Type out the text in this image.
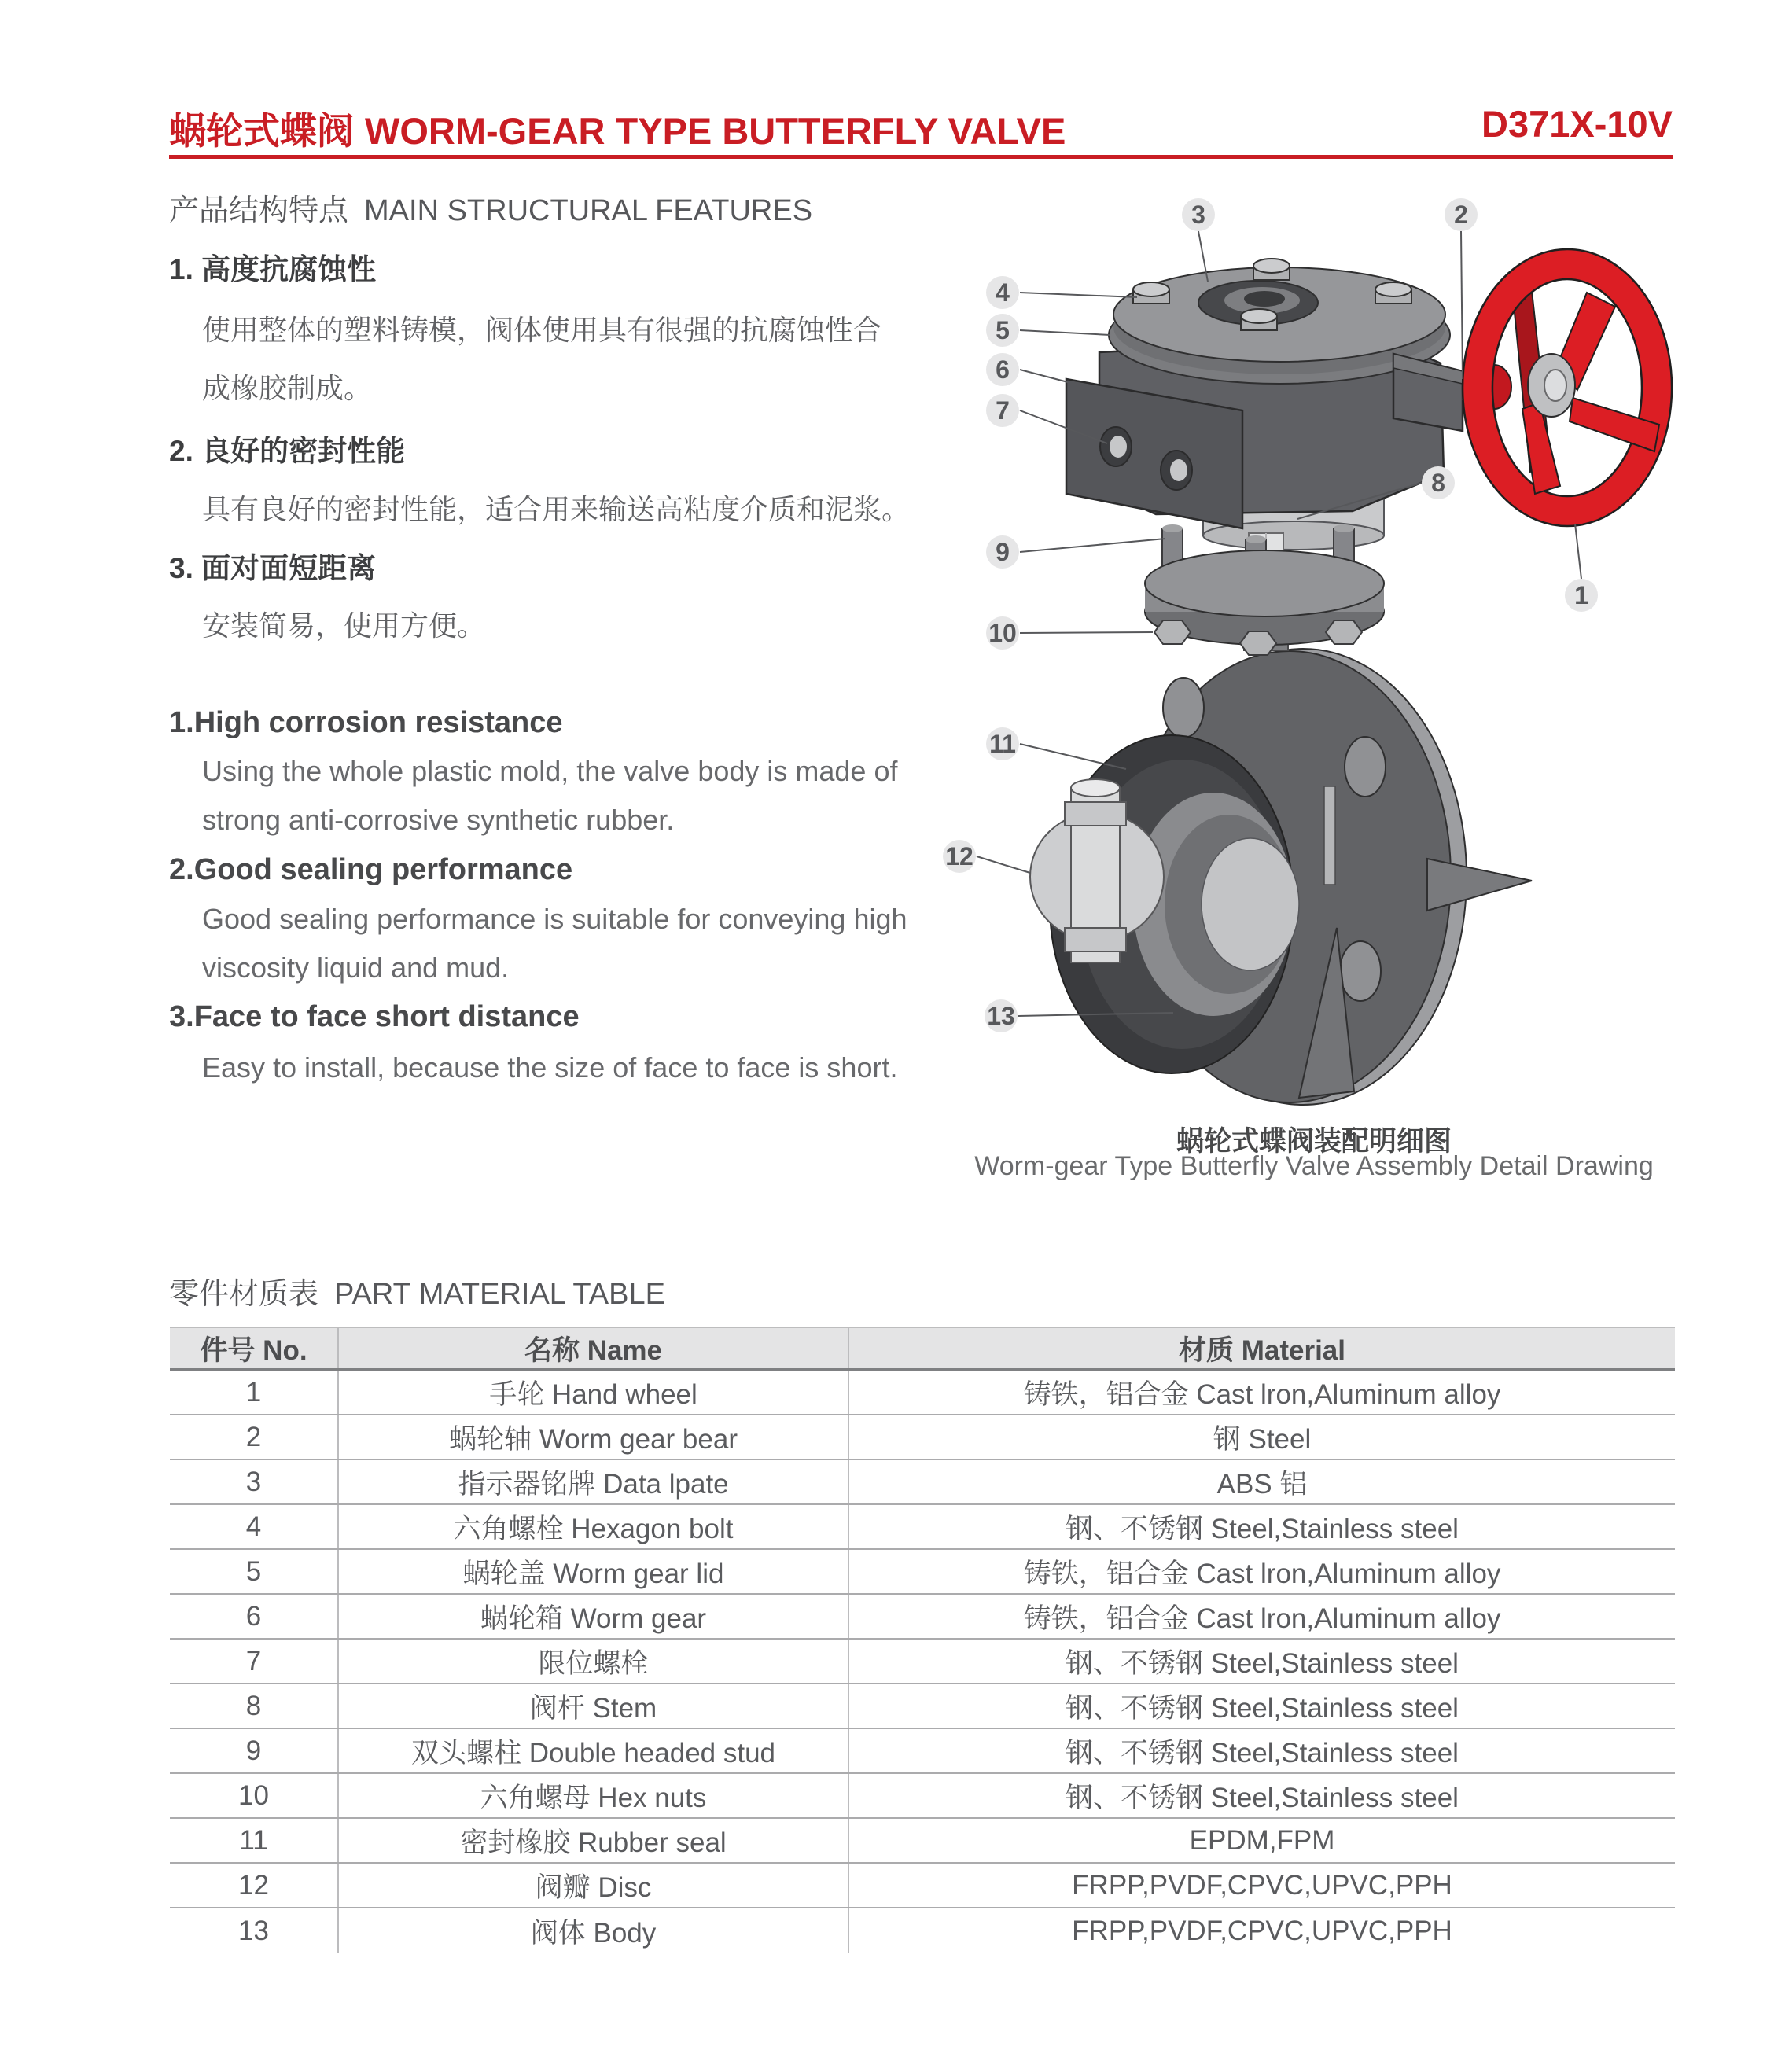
蜗轮式蝶阀 WORM-GEAR TYPE BUTTERFLY VALVE	D371X-10V
产品结构特点 MAIN STRUCTURAL FEATURES
1. 高度抗腐蚀性
使用整体的塑料铸模，阀体使用具有很强的抗腐蚀性合
成橡胶制成。
2. 良好的密封性能
具有良好的密封性能，适合用来输送高粘度介质和泥浆。
3. 面对面短距离
安装简易，使用方便。
1.High corrosion resistance
Using the whole plastic mold, the valve body is made of
strong anti-corrosive synthetic rubber.
2.Good sealing performance
Good sealing performance is suitable for conveying high
viscosity liquid and mud.
3.Face to face short distance
Easy to install, because the size of face to face is short.
1
2
3
4
5
6
7
8
9
10
11
12
13
蜗轮式蝶阀装配明细图
Worm-gear Type Butterfly Valve Assembly Detail Drawing
零件材质表 PART MATERIAL TABLE
件号 No.	名称 Name	材质 Material
1	手轮 Hand wheel	铸铁，铝合金 Cast lron,Aluminum alloy
2	蜗轮轴 Worm gear bear	钢 Steel
3	指示器铭牌 Data lpate	ABS 铝
4	六角螺栓 Hexagon bolt	钢、不锈钢 Steel,Stainless steel
5	蜗轮盖 Worm gear lid	铸铁，铝合金 Cast lron,Aluminum alloy
6	蜗轮箱 Worm gear	铸铁，铝合金 Cast lron,Aluminum alloy
7	限位螺栓	钢、不锈钢 Steel,Stainless steel
8	阀杆 Stem	钢、不锈钢 Steel,Stainless steel
9	双头螺柱 Double headed stud	钢、不锈钢 Steel,Stainless steel
10	六角螺母 Hex nuts	钢、不锈钢 Steel,Stainless steel
11	密封橡胶 Rubber seal	EPDM,FPM
12	阀瓣 Disc	FRPP,PVDF,CPVC,UPVC,PPH
13	阀体 Body	FRPP,PVDF,CPVC,UPVC,PPH
